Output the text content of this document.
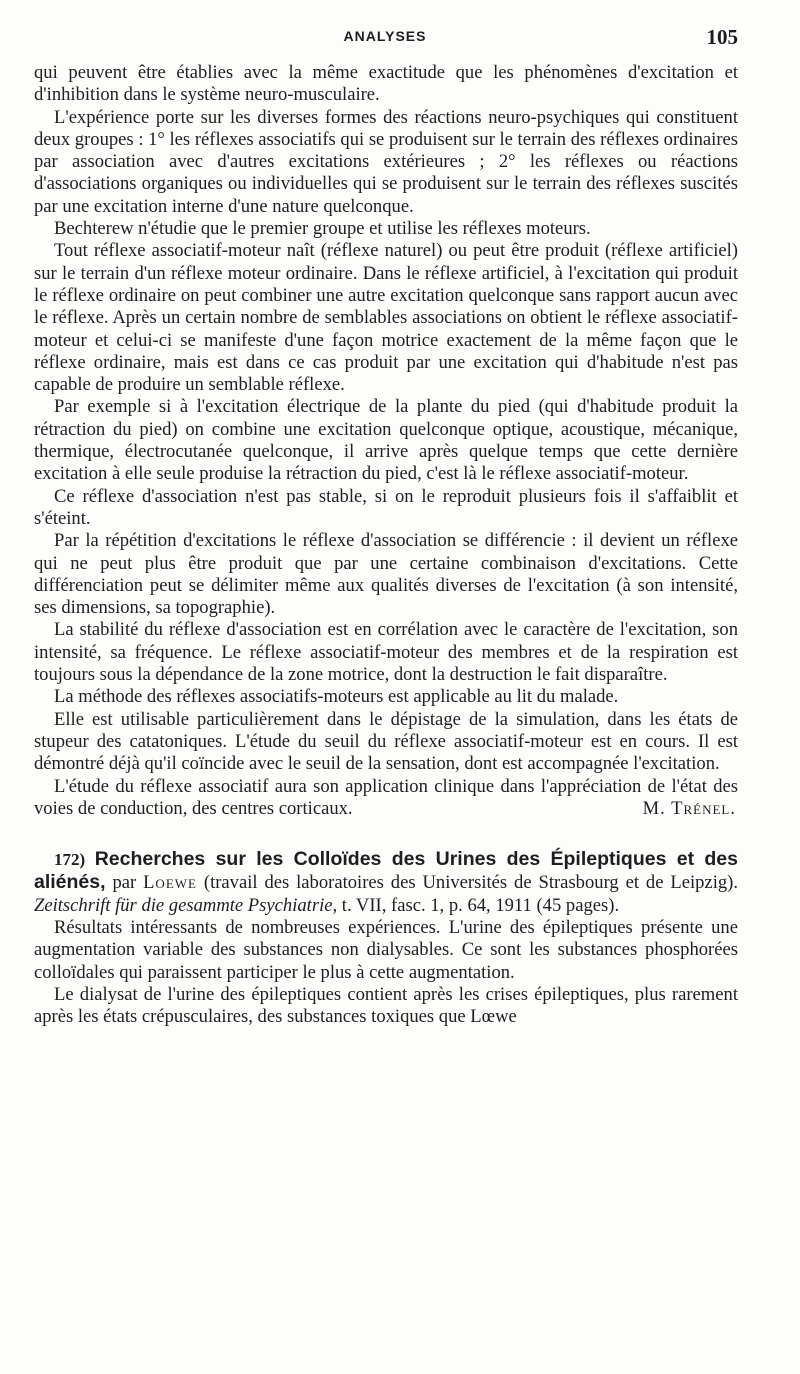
ANALYSES	105

qui peuvent être établies avec la même exactitude que les phénomènes d'excitation et d'inhibition dans le système neuro-musculaire.

L'expérience porte sur les diverses formes des réactions neuro-psychiques qui constituent deux groupes : 1° les réflexes associatifs qui se produisent sur le terrain des réflexes ordinaires par association avec d'autres excitations extérieures ; 2° les réflexes ou réactions d'associations organiques ou individuelles qui se produisent sur le terrain des réflexes suscités par une excitation interne d'une nature quelconque.

Bechterew n'étudie que le premier groupe et utilise les réflexes moteurs.

Tout réflexe associatif-moteur naît (réflexe naturel) ou peut être produit (réflexe artificiel) sur le terrain d'un réflexe moteur ordinaire. Dans le réflexe artificiel, à l'excitation qui produit le réflexe ordinaire on peut combiner une autre excitation quelconque sans rapport aucun avec le réflexe. Après un certain nombre de semblables associations on obtient le réflexe associatif-moteur et celui-ci se manifeste d'une façon motrice exactement de la même façon que le réflexe ordinaire, mais est dans ce cas produit par une excitation qui d'habitude n'est pas capable de produire un semblable réflexe.

Par exemple si à l'excitation électrique de la plante du pied (qui d'habitude produit la rétraction du pied) on combine une excitation quelconque optique, acoustique, mécanique, thermique, électrocutanée quelconque, il arrive après quelque temps que cette dernière excitation à elle seule produise la rétraction du pied, c'est là le réflexe associatif-moteur.

Ce réflexe d'association n'est pas stable, si on le reproduit plusieurs fois il s'affaiblit et s'éteint.

Par la répétition d'excitations le réflexe d'association se différencie : il devient un réflexe qui ne peut plus être produit que par une certaine combinaison d'excitations. Cette différenciation peut se délimiter même aux qualités diverses de l'excitation (à son intensité, ses dimensions, sa topographie).

La stabilité du réflexe d'association est en corrélation avec le caractère de l'excitation, son intensité, sa fréquence. Le réflexe associatif-moteur des membres et de la respiration est toujours sous la dépendance de la zone motrice, dont la destruction le fait disparaître.

La méthode des réflexes associatifs-moteurs est applicable au lit du malade.

Elle est utilisable particulièrement dans le dépistage de la simulation, dans les états de stupeur des catatoniques. L'étude du seuil du réflexe associatif-moteur est en cours. Il est démontré déjà qu'il coïncide avec le seuil de la sensation, dont est accompagnée l'excitation.

L'étude du réflexe associatif aura son application clinique dans l'appréciation de l'état des voies de conduction, des centres corticaux.	M. Trénel.

172) Recherches sur les Colloïdes des Urines des Épileptiques et des aliénés, par Loewe (travail des laboratoires des Universités de Strasbourg et de Leipzig). Zeitschrift für die gesammte Psychiatrie, t. VII, fasc. 1, p. 64, 1911 (45 pages).

Résultats intéressants de nombreuses expériences. L'urine des épileptiques présente une augmentation variable des substances non dialysables. Ce sont les substances phosphorées colloïdales qui paraissent participer le plus à cette augmentation.

Le dialysat de l'urine des épileptiques contient après les crises épileptiques, plus rarement après les états crépusculaires, des substances toxiques que Lœwe
